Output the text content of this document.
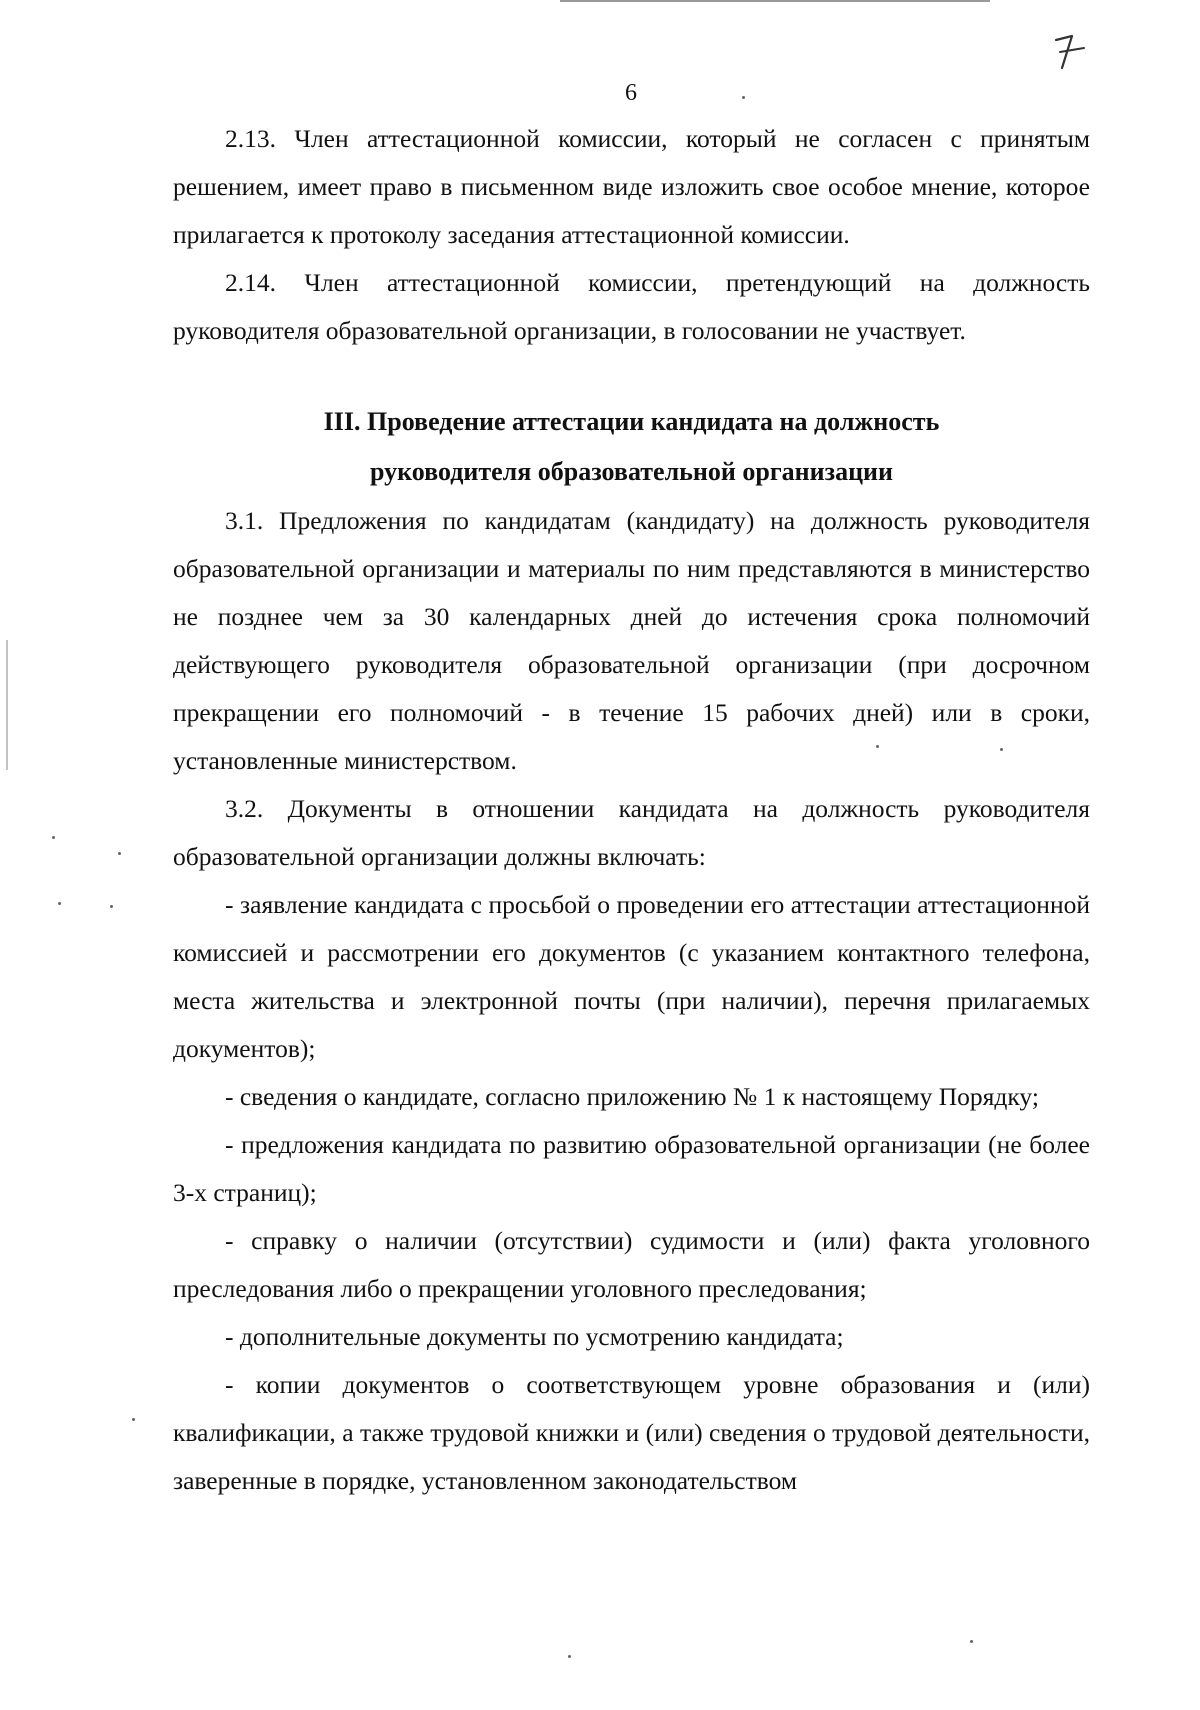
6

2.13. Член аттестационной комиссии, который не согласен с принятым решением, имеет право в письменном виде изложить свое особое мнение, которое прилагается к протоколу заседания аттестационной комиссии.

2.14. Член аттестационной комиссии, претендующий на должность руководителя образовательной организации, в голосовании не участвует.

III. Проведение аттестации кандидата на должность
руководителя образовательной организации

3.1. Предложения по кандидатам (кандидату) на должность руководителя образовательной организации и материалы по ним представляются в министерство не позднее чем за 30 календарных дней до истечения срока полномочий действующего руководителя образовательной организации (при досрочном прекращении его полномочий - в течение 15 рабочих дней) или в сроки, установленные министерством.

3.2. Документы в отношении кандидата на должность руководителя образовательной организации должны включать:

- заявление кандидата с просьбой о проведении его аттестации аттестационной комиссией и рассмотрении его документов (с указанием контактного телефона, места жительства и электронной почты (при наличии), перечня прилагаемых документов);

- сведения о кандидате, согласно приложению № 1 к настоящему Порядку;

- предложения кандидата по развитию образовательной организации (не более 3-х страниц);

- справку о наличии (отсутствии) судимости и (или) факта уголовного преследования либо о прекращении уголовного преследования;

- дополнительные документы по усмотрению кандидата;

- копии документов о соответствующем уровне образования и (или) квалификации, а также трудовой книжки и (или) сведения о трудовой деятельности, заверенные в порядке, установленном законодательством
